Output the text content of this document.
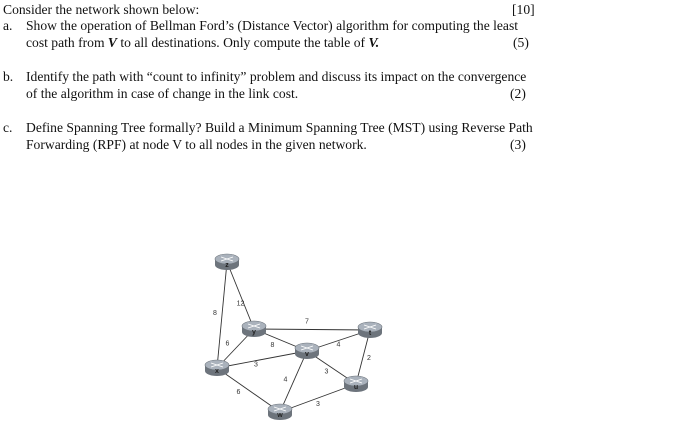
Consider the network shown below:	[10]
a. Show the operation of Bellman Ford’s (Distance Vector) algorithm for computing the least
cost path from V to all destinations. Only compute the table of V.	(5)
b. Identify the path with “count to infinity” problem and discuss its impact on the convergence
of the algorithm in case of change in the link cost.	(2)
c. Define Spanning Tree formally? Build a Minimum Spanning Tree (MST) using Reverse Path
Forwarding (RPF) at node V to all nodes in the given network.	(3)
12
8
6
7
8
3
6
4
3
4
2
3
z
y
x
v
t
u
w
